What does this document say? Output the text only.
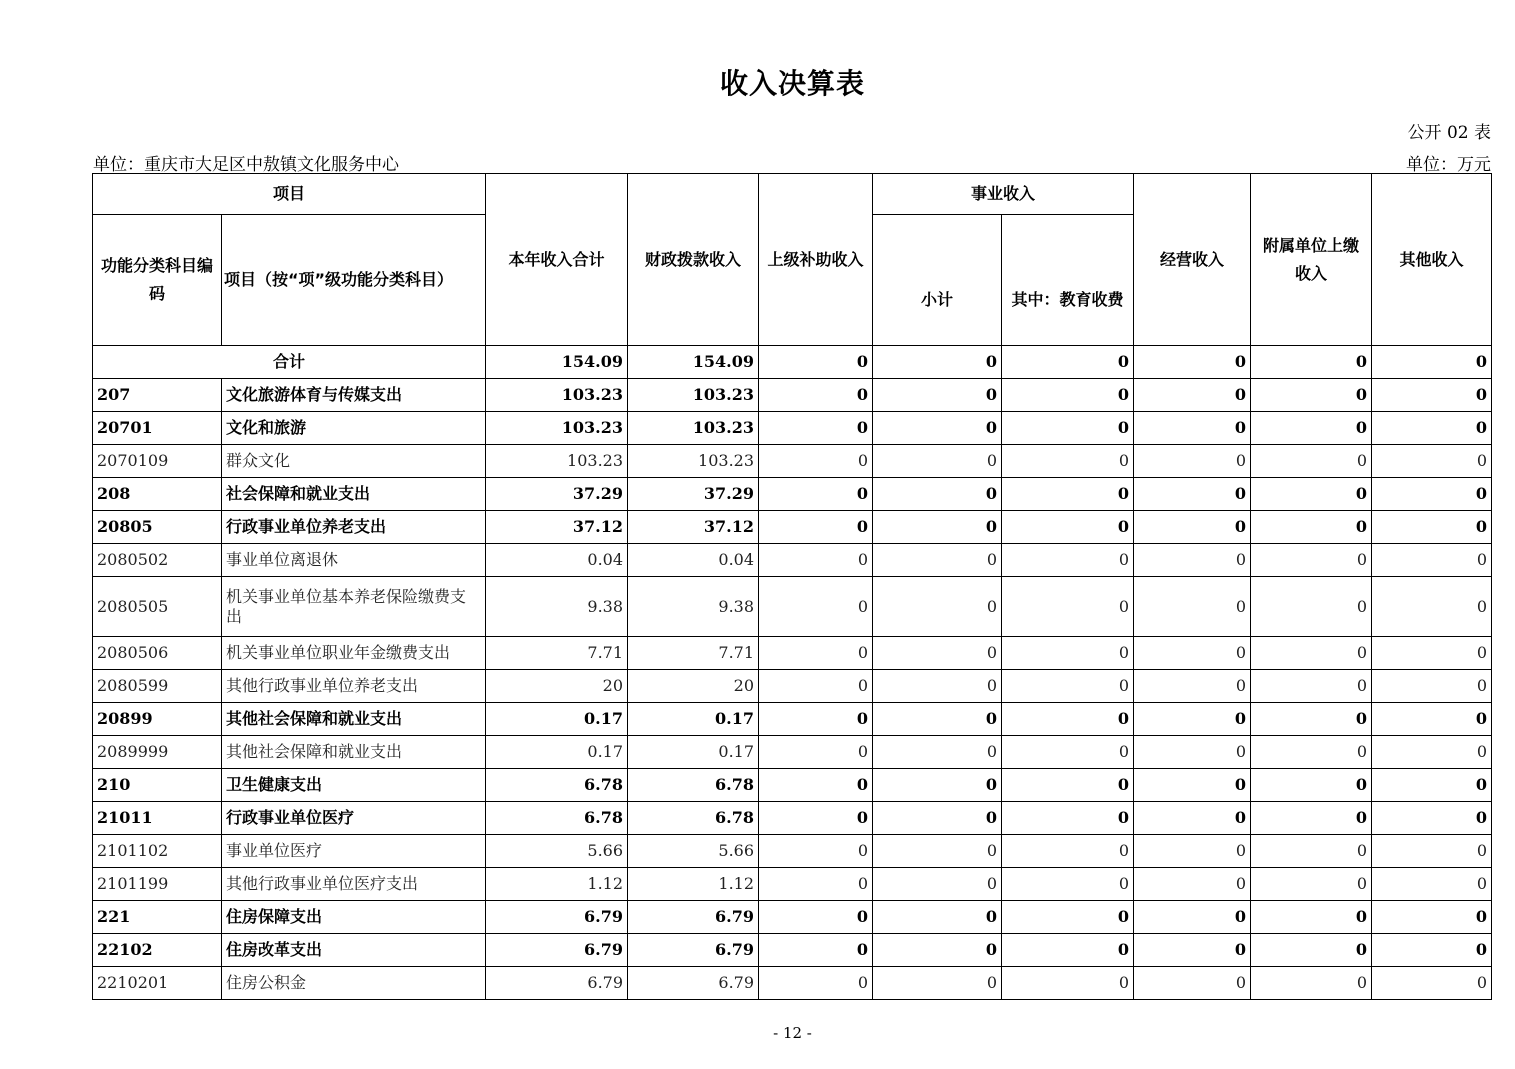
收入决算表
公开 02 表
单位：重庆市大足区中敖镇文化服务中心	单位：万元
项目		本年收入合计	财政拨款收入	上级补助收入	事业收入		经营收入	附属单位上缴收入	其他收入
功能分类科目编码	项目（按“项”级功能分类科目）				小计	其中：教育收费			
合计		154.09	154.09	0	0	0	0	0	0
207	文化旅游体育与传媒支出	103.23	103.23	0	0	0	0	0	0
20701	文化和旅游	103.23	103.23	0	0	0	0	0	0
2070109	群众文化	103.23	103.23	0	0	0	0	0	0
208	社会保障和就业支出	37.29	37.29	0	0	0	0	0	0
20805	行政事业单位养老支出	37.12	37.12	0	0	0	0	0	0
2080502	事业单位离退休	0.04	0.04	0	0	0	0	0	0
2080505	机关事业单位基本养老保险缴费支出	9.38	9.38	0	0	0	0	0	0
2080506	机关事业单位职业年金缴费支出	7.71	7.71	0	0	0	0	0	0
2080599	其他行政事业单位养老支出	20	20	0	0	0	0	0	0
20899	其他社会保障和就业支出	0.17	0.17	0	0	0	0	0	0
2089999	其他社会保障和就业支出	0.17	0.17	0	0	0	0	0	0
210	卫生健康支出	6.78	6.78	0	0	0	0	0	0
21011	行政事业单位医疗	6.78	6.78	0	0	0	0	0	0
2101102	事业单位医疗	5.66	5.66	0	0	0	0	0	0
2101199	其他行政事业单位医疗支出	1.12	1.12	0	0	0	0	0	0
221	住房保障支出	6.79	6.79	0	0	0	0	0	0
22102	住房改革支出	6.79	6.79	0	0	0	0	0	0
2210201	住房公积金	6.79	6.79	0	0	0	0	0	0
- 12 -
